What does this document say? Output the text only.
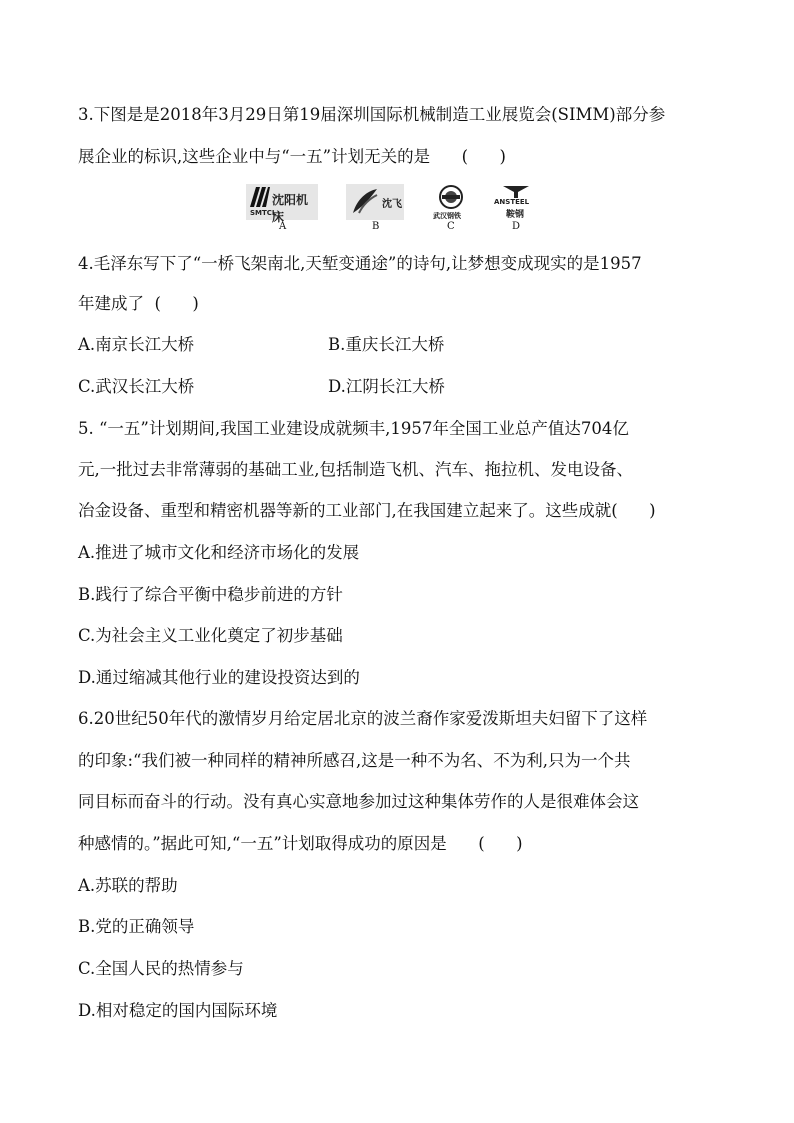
3.下图是是2018年3月29日第19届深圳国际机械制造工业展览会(SIMM)部分参
展企业的标识,这些企业中与“一五”计划无关的是      (      )
沈阳机床
SMTCL
A
沈飞
B
武汉钢铁
C
ANSTEEL
鞍钢
D
4.毛泽东写下了“一桥飞架南北,天堑变通途”的诗句,让梦想变成现实的是1957
年建成了  (      )
A.南京长江大桥	B.重庆长江大桥
C.武汉长江大桥	D.江阴长江大桥
5. “一五”计划期间,我国工业建设成就频丰,1957年全国工业总产值达704亿
元,一批过去非常薄弱的基础工业,包括制造飞机、汽车、拖拉机、发电设备、
冶金设备、重型和精密机器等新的工业部门,在我国建立起来了。这些成就(      )
A.推进了城市文化和经济市场化的发展
B.践行了综合平衡中稳步前进的方针
C.为社会主义工业化奠定了初步基础
D.通过缩减其他行业的建设投资达到的
6.20世纪50年代的激情岁月给定居北京的波兰裔作家爱泼斯坦夫妇留下了这样
的印象:“我们被一种同样的精神所感召,这是一种不为名、不为利,只为一个共
同目标而奋斗的行动。没有真心实意地参加过这种集体劳作的人是很难体会这
种感情的。”据此可知,“一五”计划取得成功的原因是      (      )
A.苏联的帮助
B.党的正确领导
C.全国人民的热情参与
D.相对稳定的国内国际环境
